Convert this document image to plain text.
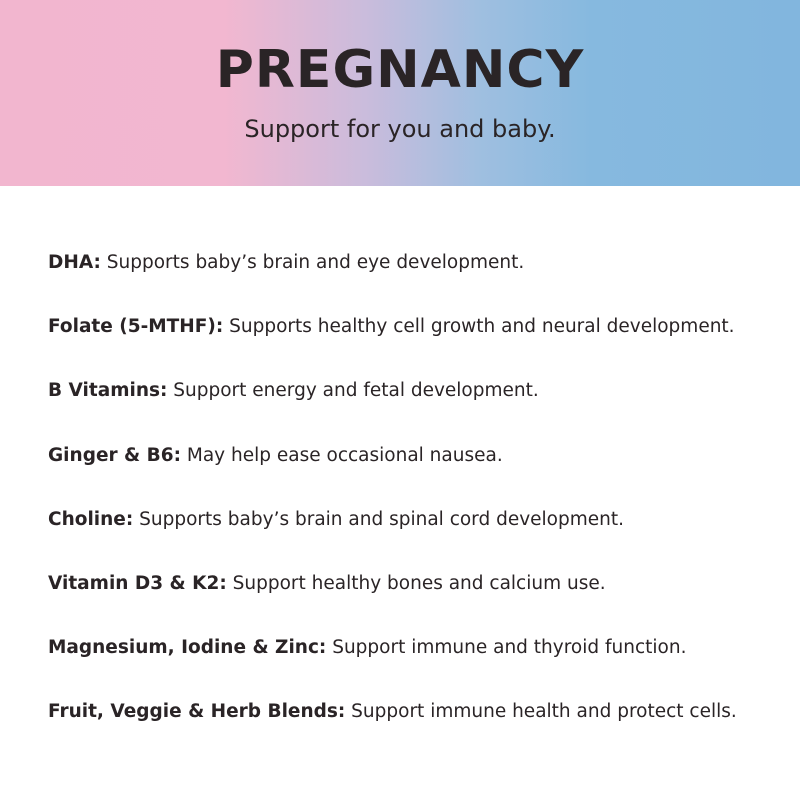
PREGNANCY

Support for you and baby.

DHA: Supports baby’s brain and eye development.
Folate (5-MTHF): Supports healthy cell growth and neural development.
B Vitamins: Support energy and fetal development.
Ginger & B6: May help ease occasional nausea.
Choline: Supports baby’s brain and spinal cord development.
Vitamin D3 & K2: Support healthy bones and calcium use.
Magnesium, Iodine & Zinc: Support immune and thyroid function.
Fruit, Veggie & Herb Blends: Support immune health and protect cells.
